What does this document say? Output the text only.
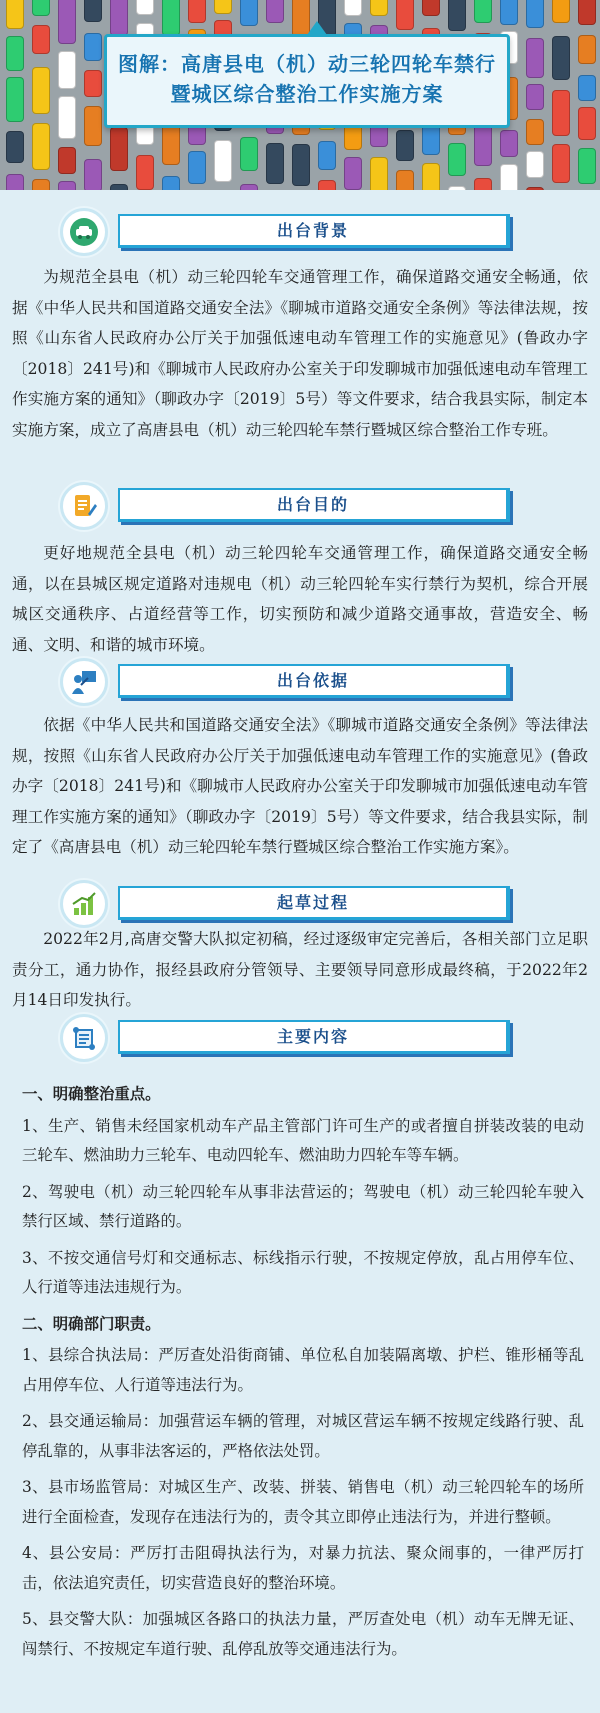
图解：高唐县电（机）动三轮四轮车禁行
暨城区综合整治工作实施方案
出台背景
为规范全县电（机）动三轮四轮车交通管理工作，确保道路交通安全畅通，依据《中华人民共和国道路交通安全法》《聊城市道路交通安全条例》等法律法规，按照《山东省人民政府办公厅关于加强低速电动车管理工作的实施意见》(鲁政办字〔2018〕241号)和《聊城市人民政府办公室关于印发聊城市加强低速电动车管理工作实施方案的通知》（聊政办字〔2019〕5号）等文件要求，结合我县实际，制定本实施方案，成立了高唐县电（机）动三轮四轮车禁行暨城区综合整治工作专班。
出台目的
更好地规范全县电（机）动三轮四轮车交通管理工作，确保道路交通安全畅通，以在县城区规定道路对违规电（机）动三轮四轮车实行禁行为契机，综合开展城区交通秩序、占道经营等工作，切实预防和减少道路交通事故，营造安全、畅通、文明、和谐的城市环境。
出台依据
依据《中华人民共和国道路交通安全法》《聊城市道路交通安全条例》等法律法规，按照《山东省人民政府办公厅关于加强低速电动车管理工作的实施意见》(鲁政办字〔2018〕241号)和《聊城市人民政府办公室关于印发聊城市加强低速电动车管理工作实施方案的通知》（聊政办字〔2019〕5号）等文件要求，结合我县实际，制定了《高唐县电（机）动三轮四轮车禁行暨城区综合整治工作实施方案》。
起草过程
2022年2月,高唐交警大队拟定初稿，经过逐级审定完善后，各相关部门立足职责分工，通力协作，报经县政府分管领导、主要领导同意形成最终稿，于2022年2月14日印发执行。
主要内容

一、明确整治重点。

1、生产、销售未经国家机动车产品主管部门许可生产的或者擅自拼装改装的电动三轮车、燃油助力三轮车、电动四轮车、燃油助力四轮车等车辆。

2、驾驶电（机）动三轮四轮车从事非法营运的；驾驶电（机）动三轮四轮车驶入禁行区域、禁行道路的。

3、不按交通信号灯和交通标志、标线指示行驶，不按规定停放，乱占用停车位、人行道等违法违规行为。

二、明确部门职责。

1、县综合执法局：严厉查处沿街商铺、单位私自加装隔离墩、护栏、锥形桶等乱占用停车位、人行道等违法行为。

2、县交通运输局：加强营运车辆的管理，对城区营运车辆不按规定线路行驶、乱停乱靠的，从事非法客运的，严格依法处罚。

3、县市场监管局：对城区生产、改装、拼装、销售电（机）动三轮四轮车的场所进行全面检查，发现存在违法行为的，责令其立即停止违法行为，并进行整顿。

4、县公安局：严厉打击阻碍执法行为，对暴力抗法、聚众闹事的，一律严厉打击，依法追究责任，切实营造良好的整治环境。

5、县交警大队：加强城区各路口的执法力量，严厉查处电（机）动车无牌无证、闯禁行、不按规定车道行驶、乱停乱放等交通违法行为。
